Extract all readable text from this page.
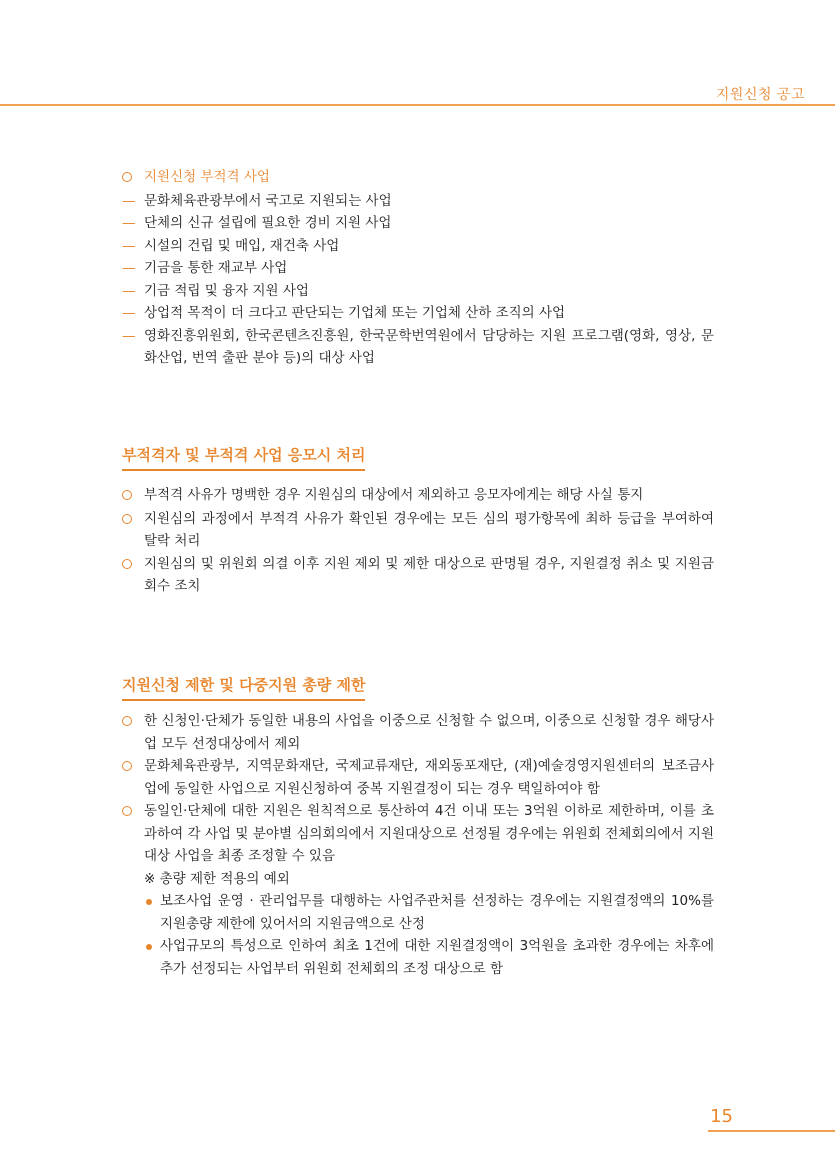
지원신청 공고
지원신청 부적격 사업
— 문화체육관광부에서 국고로 지원되는 사업
— 단체의 신규 설립에 필요한 경비 지원 사업
— 시설의 건립 및 매입, 재건축 사업
— 기금을 통한 재교부 사업
— 기금 적립 및 융자 지원 사업
— 상업적 목적이 더 크다고 판단되는 기업체 또는 기업체 산하 조직의 사업
— 영화진흥위원회, 한국콘텐츠진흥원, 한국문학번역원에서 담당하는 지원 프로그램(영화, 영상, 문화산업, 번역 출판 분야 등)의 대상 사업
부적격자 및 부적격 사업 응모시 처리
부적격 사유가 명백한 경우 지원심의 대상에서 제외하고 응모자에게는 해당 사실 통지
지원심의 과정에서 부적격 사유가 확인된 경우에는 모든 심의 평가항목에 최하 등급을 부여하여 탈락 처리
지원심의 및 위원회 의결 이후 지원 제외 및 제한 대상으로 판명될 경우, 지원결정 취소 및 지원금 회수 조치
지원신청 제한 및 다중지원 총량 제한
한 신청인·단체가 동일한 내용의 사업을 이중으로 신청할 수 없으며, 이중으로 신청할 경우 해당사업 모두 선정대상에서 제외
문화체육관광부, 지역문화재단, 국제교류재단, 재외동포재단, (재)예술경영지원센터의 보조금사업에 동일한 사업으로 지원신청하여 중복 지원결정이 되는 경우 택일하여야 함
동일인·단체에 대한 지원은 원칙적으로 통산하여 4건 이내 또는 3억원 이하로 제한하며, 이를 초과하여 각 사업 및 분야별 심의회의에서 지원대상으로 선정될 경우에는 위원회 전체회의에서 지원대상 사업을 최종 조정할 수 있음
※ 총량 제한 적용의 예외
보조사업 운영 · 관리업무를 대행하는 사업주관처를 선정하는 경우에는 지원결정액의 10%를 지원총량 제한에 있어서의 지원금액으로 산정
사업규모의 특성으로 인하여 최초 1건에 대한 지원결정액이 3억원을 초과한 경우에는 차후에 추가 선정되는 사업부터 위원회 전체회의 조정 대상으로 함
15
